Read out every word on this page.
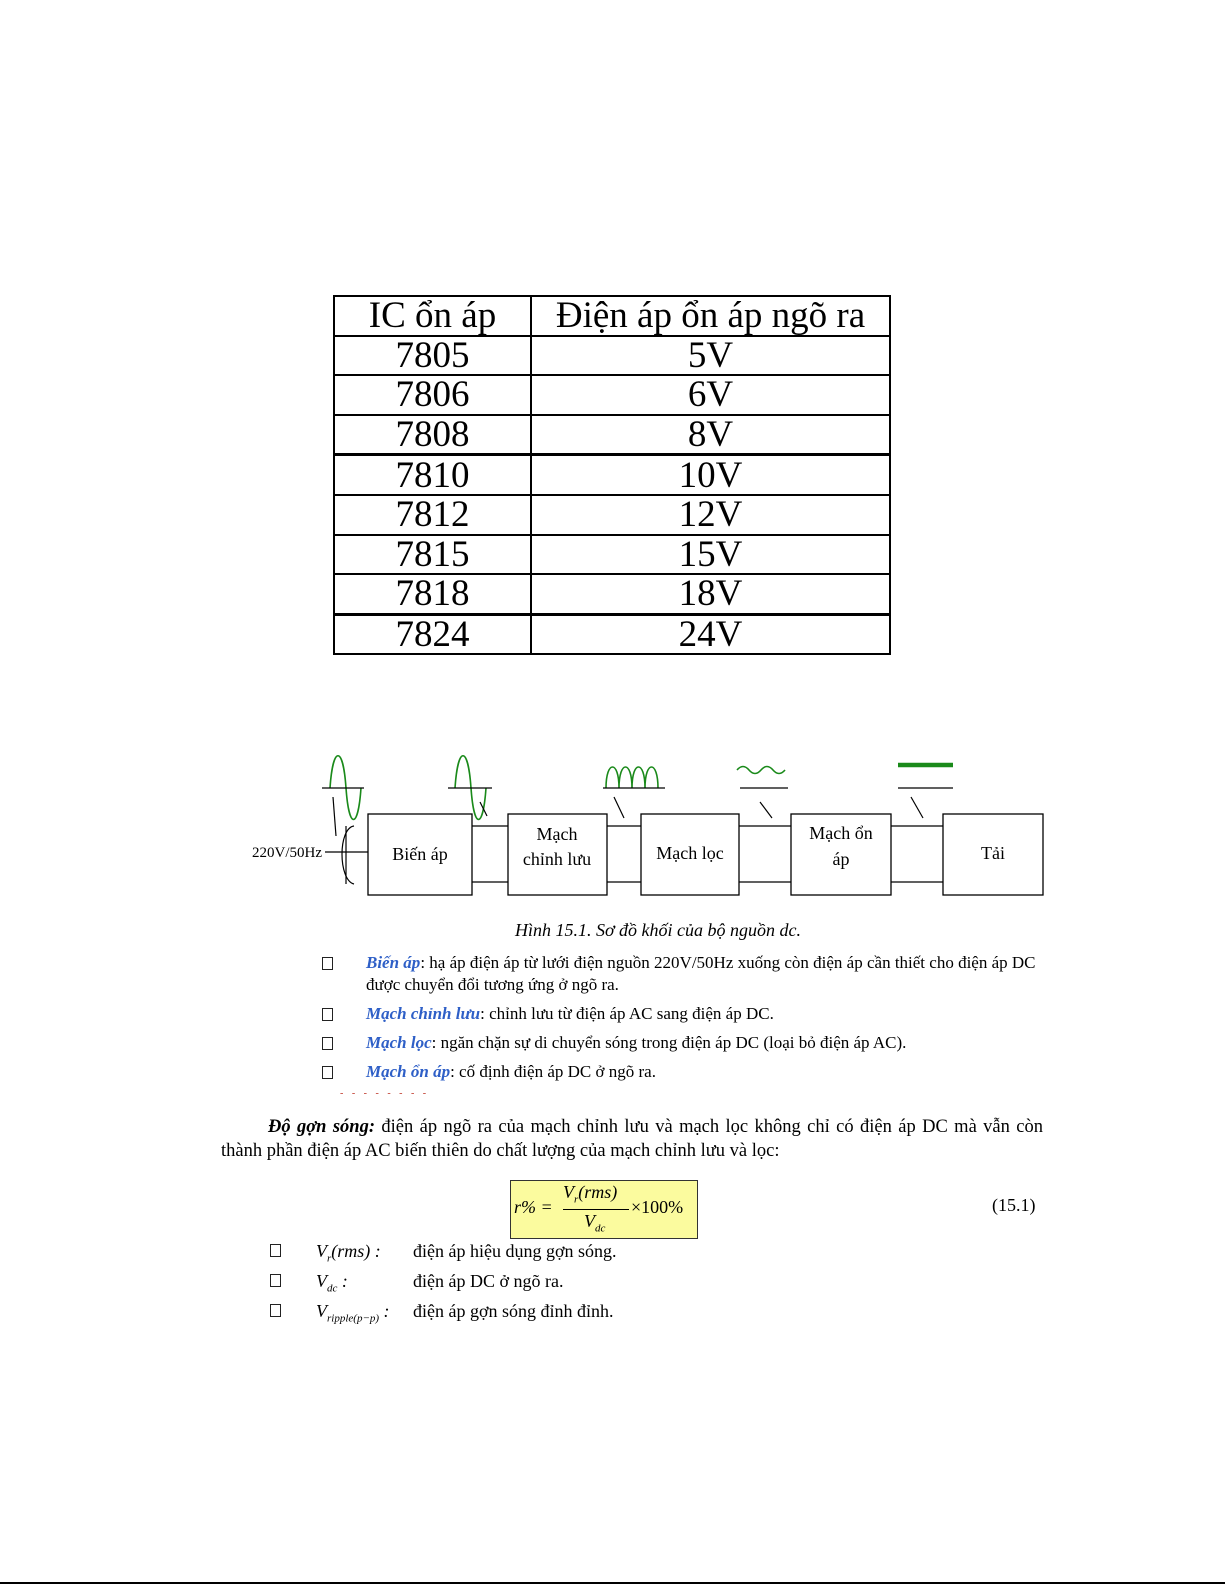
IC ổn áp	Điện áp ổn áp ngõ ra
7805	5V
7806	6V
7808	8V
7810	10V
7812	12V
7815	15V
7818	18V
7824	24V
220V/50Hz	Biến áp
Mạch
chỉnh lưu	Mạch lọc
Mạch ổn
áp	Tải
Hình 15.1. Sơ đồ khối của bộ nguồn dc.
Biến áp: hạ áp điện áp từ lưới điện nguồn 220V/50Hz xuống còn điện áp cần thiết cho điện áp DC được chuyển đổi tương ứng ở ngõ ra.
Mạch chỉnh lưu: chỉnh lưu từ điện áp AC sang điện áp DC.
Mạch lọc: ngăn chặn sự di chuyển sóng trong điện áp DC (loại bỏ điện áp AC).
Mạch ổn áp: cố định điện áp DC ở ngõ ra.
- - - - - - - -
Độ gợn sóng: điện áp ngõ ra của mạch chỉnh lưu và mạch lọc không chỉ có điện áp DC mà vẫn còn thành phần điện áp AC biến thiên do chất lượng của mạch chỉnh lưu và lọc:
r% =
$V_r(rms)$
$V_{dc}$
×100%	(15.1)
$V_r(rms)$ : điện áp hiệu dụng gợn sóng.
$V_{dc}$ :	điện áp DC ở ngõ ra.
$V_{ripple(p-p)}$ : điện áp gợn sóng đỉnh đỉnh.
